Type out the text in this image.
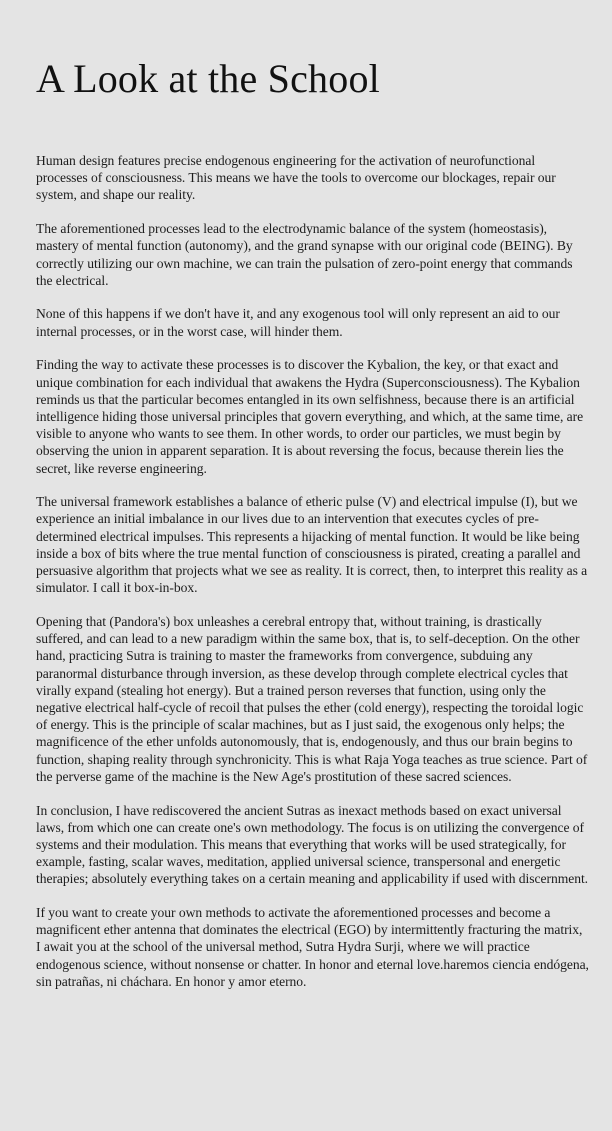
A Look at the School

Human design features precise endogenous engineering for the activation of neurofunctional processes of consciousness. This means we have the tools to overcome our blockages, repair our system, and shape our reality.

The aforementioned processes lead to the electrodynamic balance of the system (homeostasis), mastery of mental function (autonomy), and the grand synapse with our original code (BEING). By correctly utilizing our own machine, we can train the pulsation of zero-point energy that commands the electrical.

None of this happens if we don't have it, and any exogenous tool will only represent an aid to our internal processes, or in the worst case, will hinder them.

Finding the way to activate these processes is to discover the Kybalion, the key, or that exact and unique combination for each individual that awakens the Hydra (Superconsciousness). The Kybalion reminds us that the particular becomes entangled in its own selfishness, because there is an artificial intelligence hiding those universal principles that govern everything, and which, at the same time, are visible to anyone who wants to see them. In other words, to order our particles, we must begin by observing the union in apparent separation. It is about reversing the focus, because therein lies the secret, like reverse engineering.

The universal framework establishes a balance of etheric pulse (V) and electrical impulse (I), but we experience an initial imbalance in our lives due to an intervention that executes cycles of pre-determined electrical impulses. This represents a hijacking of mental function. It would be like being inside a box of bits where the true mental function of consciousness is pirated, creating a parallel and persuasive algorithm that projects what we see as reality. It is correct, then, to interpret this reality as a simulator. I call it box-in-box.

Opening that (Pandora's) box unleashes a cerebral entropy that, without training, is drastically suffered, and can lead to a new paradigm within the same box, that is, to self-deception. On the other hand, practicing Sutra is training to master the frameworks from convergence, subduing any paranormal disturbance through inversion, as these develop through complete electrical cycles that virally expand (stealing hot energy). But a trained person reverses that function, using only the negative electrical half-cycle of recoil that pulses the ether (cold energy), respecting the toroidal logic of energy. This is the principle of scalar machines, but as I just said, the exogenous only helps; the magnificence of the ether unfolds autonomously, that is, endogenously, and thus our brain begins to function, shaping reality through synchronicity. This is what Raja Yoga teaches as true science. Part of the perverse game of the machine is the New Age's prostitution of these sacred sciences.

In conclusion, I have rediscovered the ancient Sutras as inexact methods based on exact universal laws, from which one can create one's own methodology. The focus is on utilizing the convergence of systems and their modulation. This means that everything that works will be used strategically, for example, fasting, scalar waves, meditation, applied universal science, transpersonal and energetic therapies; absolutely everything takes on a certain meaning and applicability if used with discernment.

If you want to create your own methods to activate the aforementioned processes and become a magnificent ether antenna that dominates the electrical (EGO) by intermittently fracturing the matrix, I await you at the school of the universal method, Sutra Hydra Surji, where we will practice endogenous science, without nonsense or chatter. In honor and eternal love.haremos ciencia endógena, sin patrañas, ni cháchara. En honor y amor eterno.
